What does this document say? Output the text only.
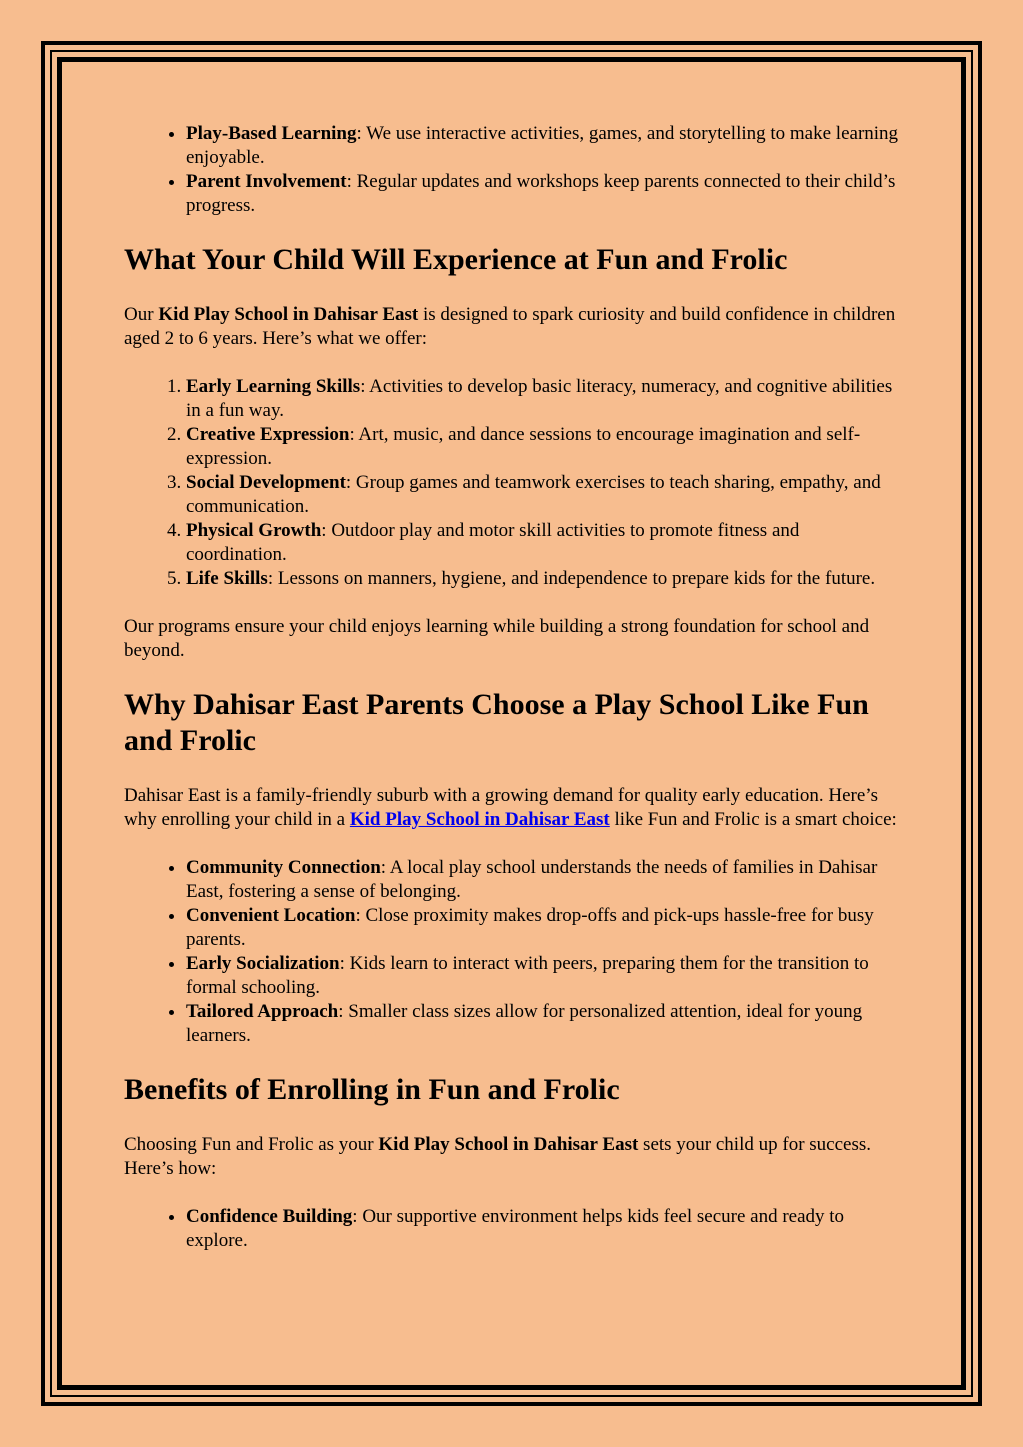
• Play-Based Learning: We use interactive activities, games, and storytelling to make learning enjoyable.
• Parent Involvement: Regular updates and workshops keep parents connected to their child’s progress.
What Your Child Will Experience at Fun and Frolic

Our Kid Play School in Dahisar East is designed to spark curiosity and build confidence in children aged 2 to 6 years. Here’s what we offer:

1. Early Learning Skills: Activities to develop basic literacy, numeracy, and cognitive abilities in a fun way.
2. Creative Expression: Art, music, and dance sessions to encourage imagination and self-expression.
3. Social Development: Group games and teamwork exercises to teach sharing, empathy, and communication.
4. Physical Growth: Outdoor play and motor skill activities to promote fitness and coordination.
5. Life Skills: Lessons on manners, hygiene, and independence to prepare kids for the future.

Our programs ensure your child enjoys learning while building a strong foundation for school and beyond.

Why Dahisar East Parents Choose a Play School Like Fun and Frolic

Dahisar East is a family-friendly suburb with a growing demand for quality early education. Here’s why enrolling your child in a Kid Play School in Dahisar East like Fun and Frolic is a smart choice:

• Community Connection: A local play school understands the needs of families in Dahisar East, fostering a sense of belonging.
• Convenient Location: Close proximity makes drop-offs and pick-ups hassle-free for busy parents.
• Early Socialization: Kids learn to interact with peers, preparing them for the transition to formal schooling.
• Tailored Approach: Smaller class sizes allow for personalized attention, ideal for young learners.
Benefits of Enrolling in Fun and Frolic

Choosing Fun and Frolic as your Kid Play School in Dahisar East sets your child up for success. Here’s how:

• Confidence Building: Our supportive environment helps kids feel secure and ready to explore.
